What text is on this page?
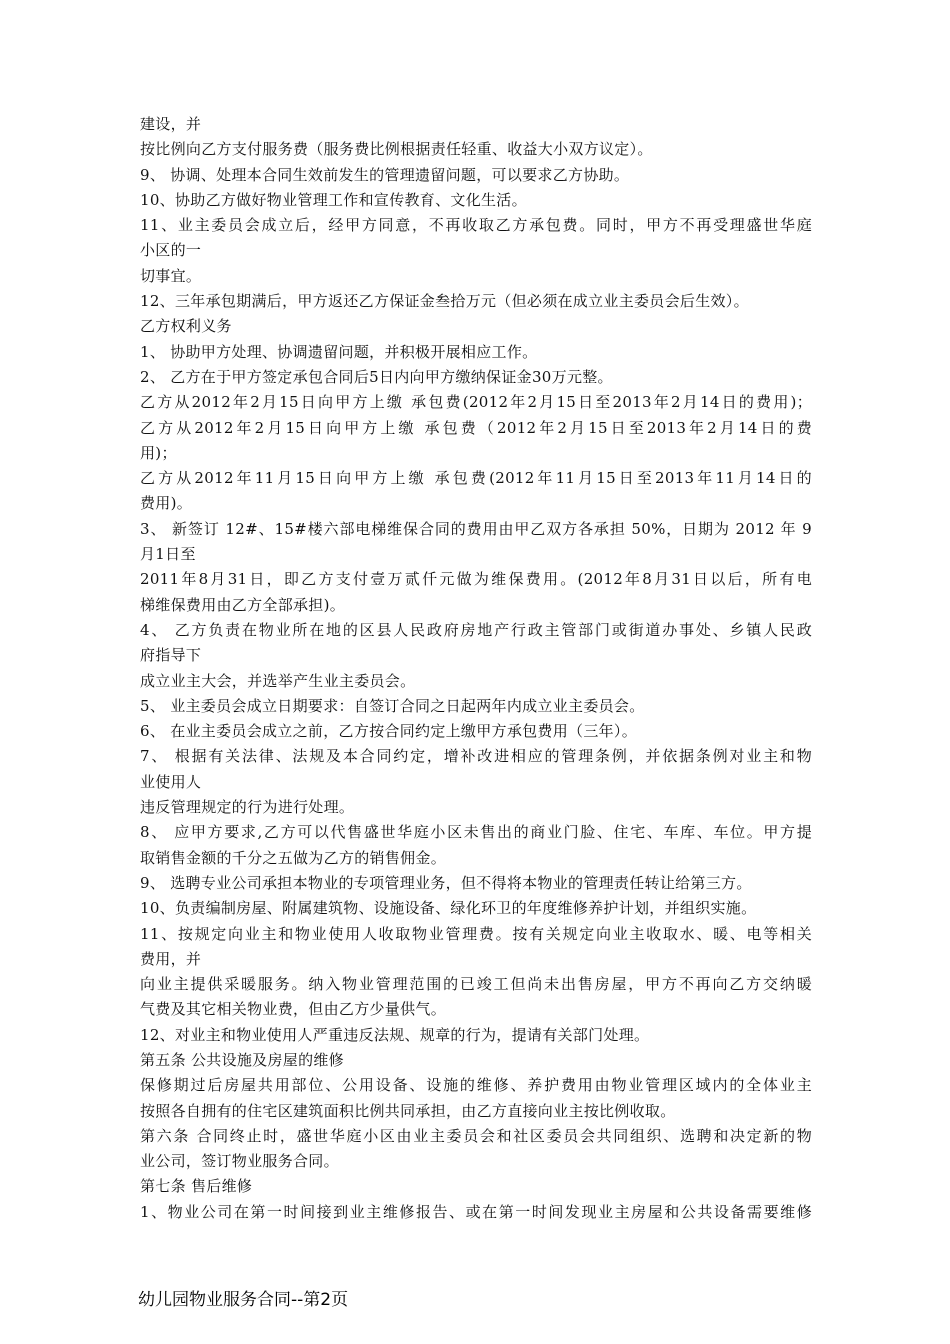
建设，并
按比例向乙方支付服务费（服务费比例根据责任轻重、收益大小双方议定）。
9、 协调、处理本合同生效前发生的管理遗留问题，可以要求乙方协助。
10、协助乙方做好物业管理工作和宣传教育、文化生活。
11、业主委员会成立后，经甲方同意，不再收取乙方承包费。同时，甲方不再受理盛世华庭
小区的一
切事宜。
12、三年承包期满后，甲方返还乙方保证金叁拾万元（但必须在成立业主委员会后生效）。
乙方权利义务
1、 协助甲方处理、协调遗留问题，并积极开展相应工作。
2、 乙方在于甲方签定承包合同后5日内向甲方缴纳保证金30万元整。
乙方从2012年2月15日向甲方上缴 承包费(2012年2月15日至2013年2月14日的费用)；
乙方从2012年2月15日向甲方上缴 承包费（2012年2月15日至2013年2月14日的费
用)；
乙方从2012年11月15日向甲方上缴 承包费(2012年11月15日至2013年11月14日的
费用)。
3、 新签订 12#、15#楼六部电梯维保合同的费用由甲乙双方各承担 50%，日期为 2012 年 9
月1日至
2011年8月31日，即乙方支付壹万贰仟元做为维保费用。(2012年8月31日以后，所有电
梯维保费用由乙方全部承担)。
4、 乙方负责在物业所在地的区县人民政府房地产行政主管部门或街道办事处、乡镇人民政
府指导下
成立业主大会，并选举产生业主委员会。
5、 业主委员会成立日期要求：自签订合同之日起两年内成立业主委员会。
6、 在业主委员会成立之前，乙方按合同约定上缴甲方承包费用（三年）。
7、 根据有关法律、法规及本合同约定，增补改进相应的管理条例，并依据条例对业主和物
业使用人
违反管理规定的行为进行处理。
8、 应甲方要求,乙方可以代售盛世华庭小区未售出的商业门脸、住宅、车库、车位。甲方提
取销售金额的千分之五做为乙方的销售佣金。
9、 选聘专业公司承担本物业的专项管理业务，但不得将本物业的管理责任转让给第三方。
10、负责编制房屋、附属建筑物、设施设备、绿化环卫的年度维修养护计划，并组织实施。
11、按规定向业主和物业使用人收取物业管理费。按有关规定向业主收取水、暖、电等相关
费用，并
向业主提供采暖服务。纳入物业管理范围的已竣工但尚未出售房屋，甲方不再向乙方交纳暖
气费及其它相关物业费，但由乙方少量供气。
12、对业主和物业使用人严重违反法规、规章的行为，提请有关部门处理。
第五条 公共设施及房屋的维修
保修期过后房屋共用部位、公用设备、设施的维修、养护费用由物业管理区域内的全体业主
按照各自拥有的住宅区建筑面积比例共同承担，由乙方直接向业主按比例收取。
第六条 合同终止时，盛世华庭小区由业主委员会和社区委员会共同组织、选聘和决定新的物
业公司，签订物业服务合同。
第七条 售后维修
1、物业公司在第一时间接到业主维修报告、或在第一时间发现业主房屋和公共设备需要维修
幼儿园物业服务合同--第2页
